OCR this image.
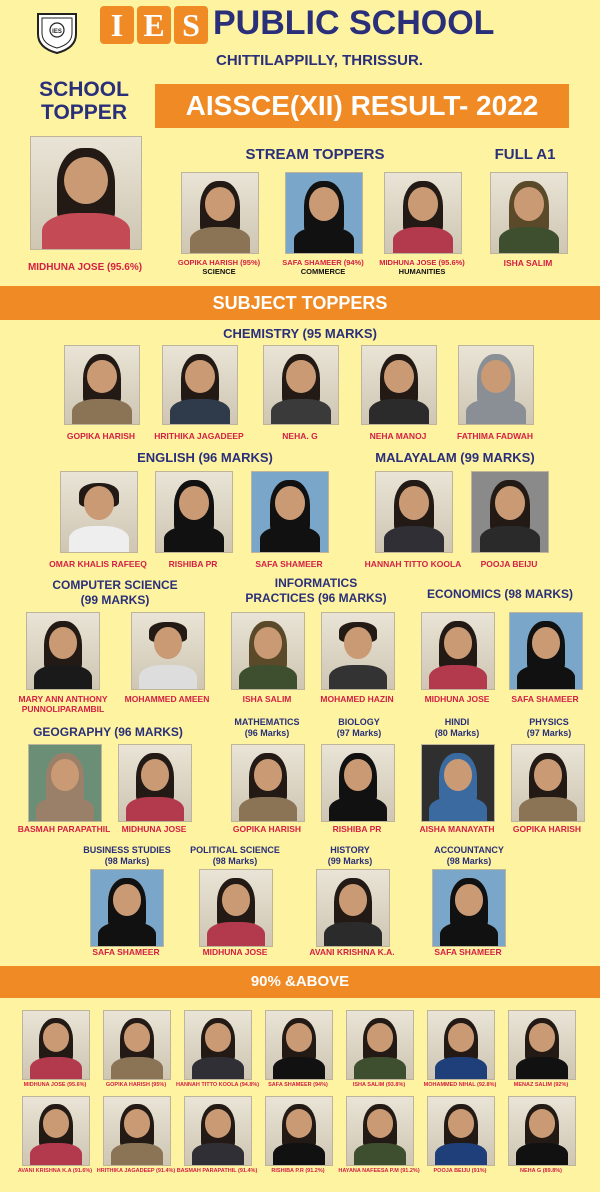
IES	I E S PUBLIC SCHOOL
CHITTILAPPILLY, THRISSUR.
SCHOOL
TOPPER	AISSCE(XII) RESULT- 2022
MIDHUNA JOSE (95.6%)
STREAM TOPPERS
GOPIKA HARISH (95%)
SCIENCE
SAFA SHAMEER (94%)
COMMERCE
MIDHUNA JOSE (95.6%)
HUMANITIES
FULL A1
ISHA SALIM
SUBJECT TOPPERS
CHEMISTRY (95 MARKS)
GOPIKA HARISH	HRITHIKA JAGADEEP	NEHA. G	NEHA MANOJ	FATHIMA FADWAH
ENGLISH (96 MARKS)	MALAYALAM (99 MARKS)
OMAR KHALIS RAFEEQ	RISHIBA PR	SAFA SHAMEER	HANNAH TITTO KOOLA	POOJA BEIJU
COMPUTER SCIENCE
(99 MARKS)
INFORMATICS
PRACTICES (96 MARKS)	ECONOMICS (98 MARKS)
MARY ANN ANTHONY
PUNNOLIPARAMBIL
MOHAMMED AMEEN	ISHA SALIM	MOHAMED HAZIN	MIDHUNA JOSE	SAFA SHAMEER
GEOGRAPHY (96 MARKS)
MATHEMATICS
(96 Marks)
BIOLOGY
(97 Marks)
HINDI
(80 Marks)
PHYSICS
(97 Marks)
BASMAH PARAPATHIL	MIDHUNA JOSE	GOPIKA HARISH	RISHIBA PR	AISHA MANAYATH	GOPIKA HARISH
BUSINESS STUDIES
(98 Marks)
POLITICAL SCIENCE
(98 Marks)
HISTORY
(99 Marks)
ACCOUNTANCY
(98 Marks)
SAFA SHAMEER	MIDHUNA JOSE	AVANI KRISHNA K.A.	SAFA SHAMEER
90% &ABOVE
MIDHUNA JOSE (95.6%)	GOPIKA HARISH (95%)	HANNAH TITTO KOOLA (94.8%)	SAFA SHAMEER (94%)	ISHA SALIM (93.8%)	MOHAMMED NIHAL (92.8%)	MENAZ SALIM (92%)
AVANI KRISHNA K.A (91.6%) HRITHIKA JAGADEEP (91.4%) BASMAH PARAPATHIL (91.4%)	RISHIBA P.R (91.2%)	HAYANA NAFEESA P.M (91.2%)	POOJA BEIJU (91%)	NEHA G (89.8%)
